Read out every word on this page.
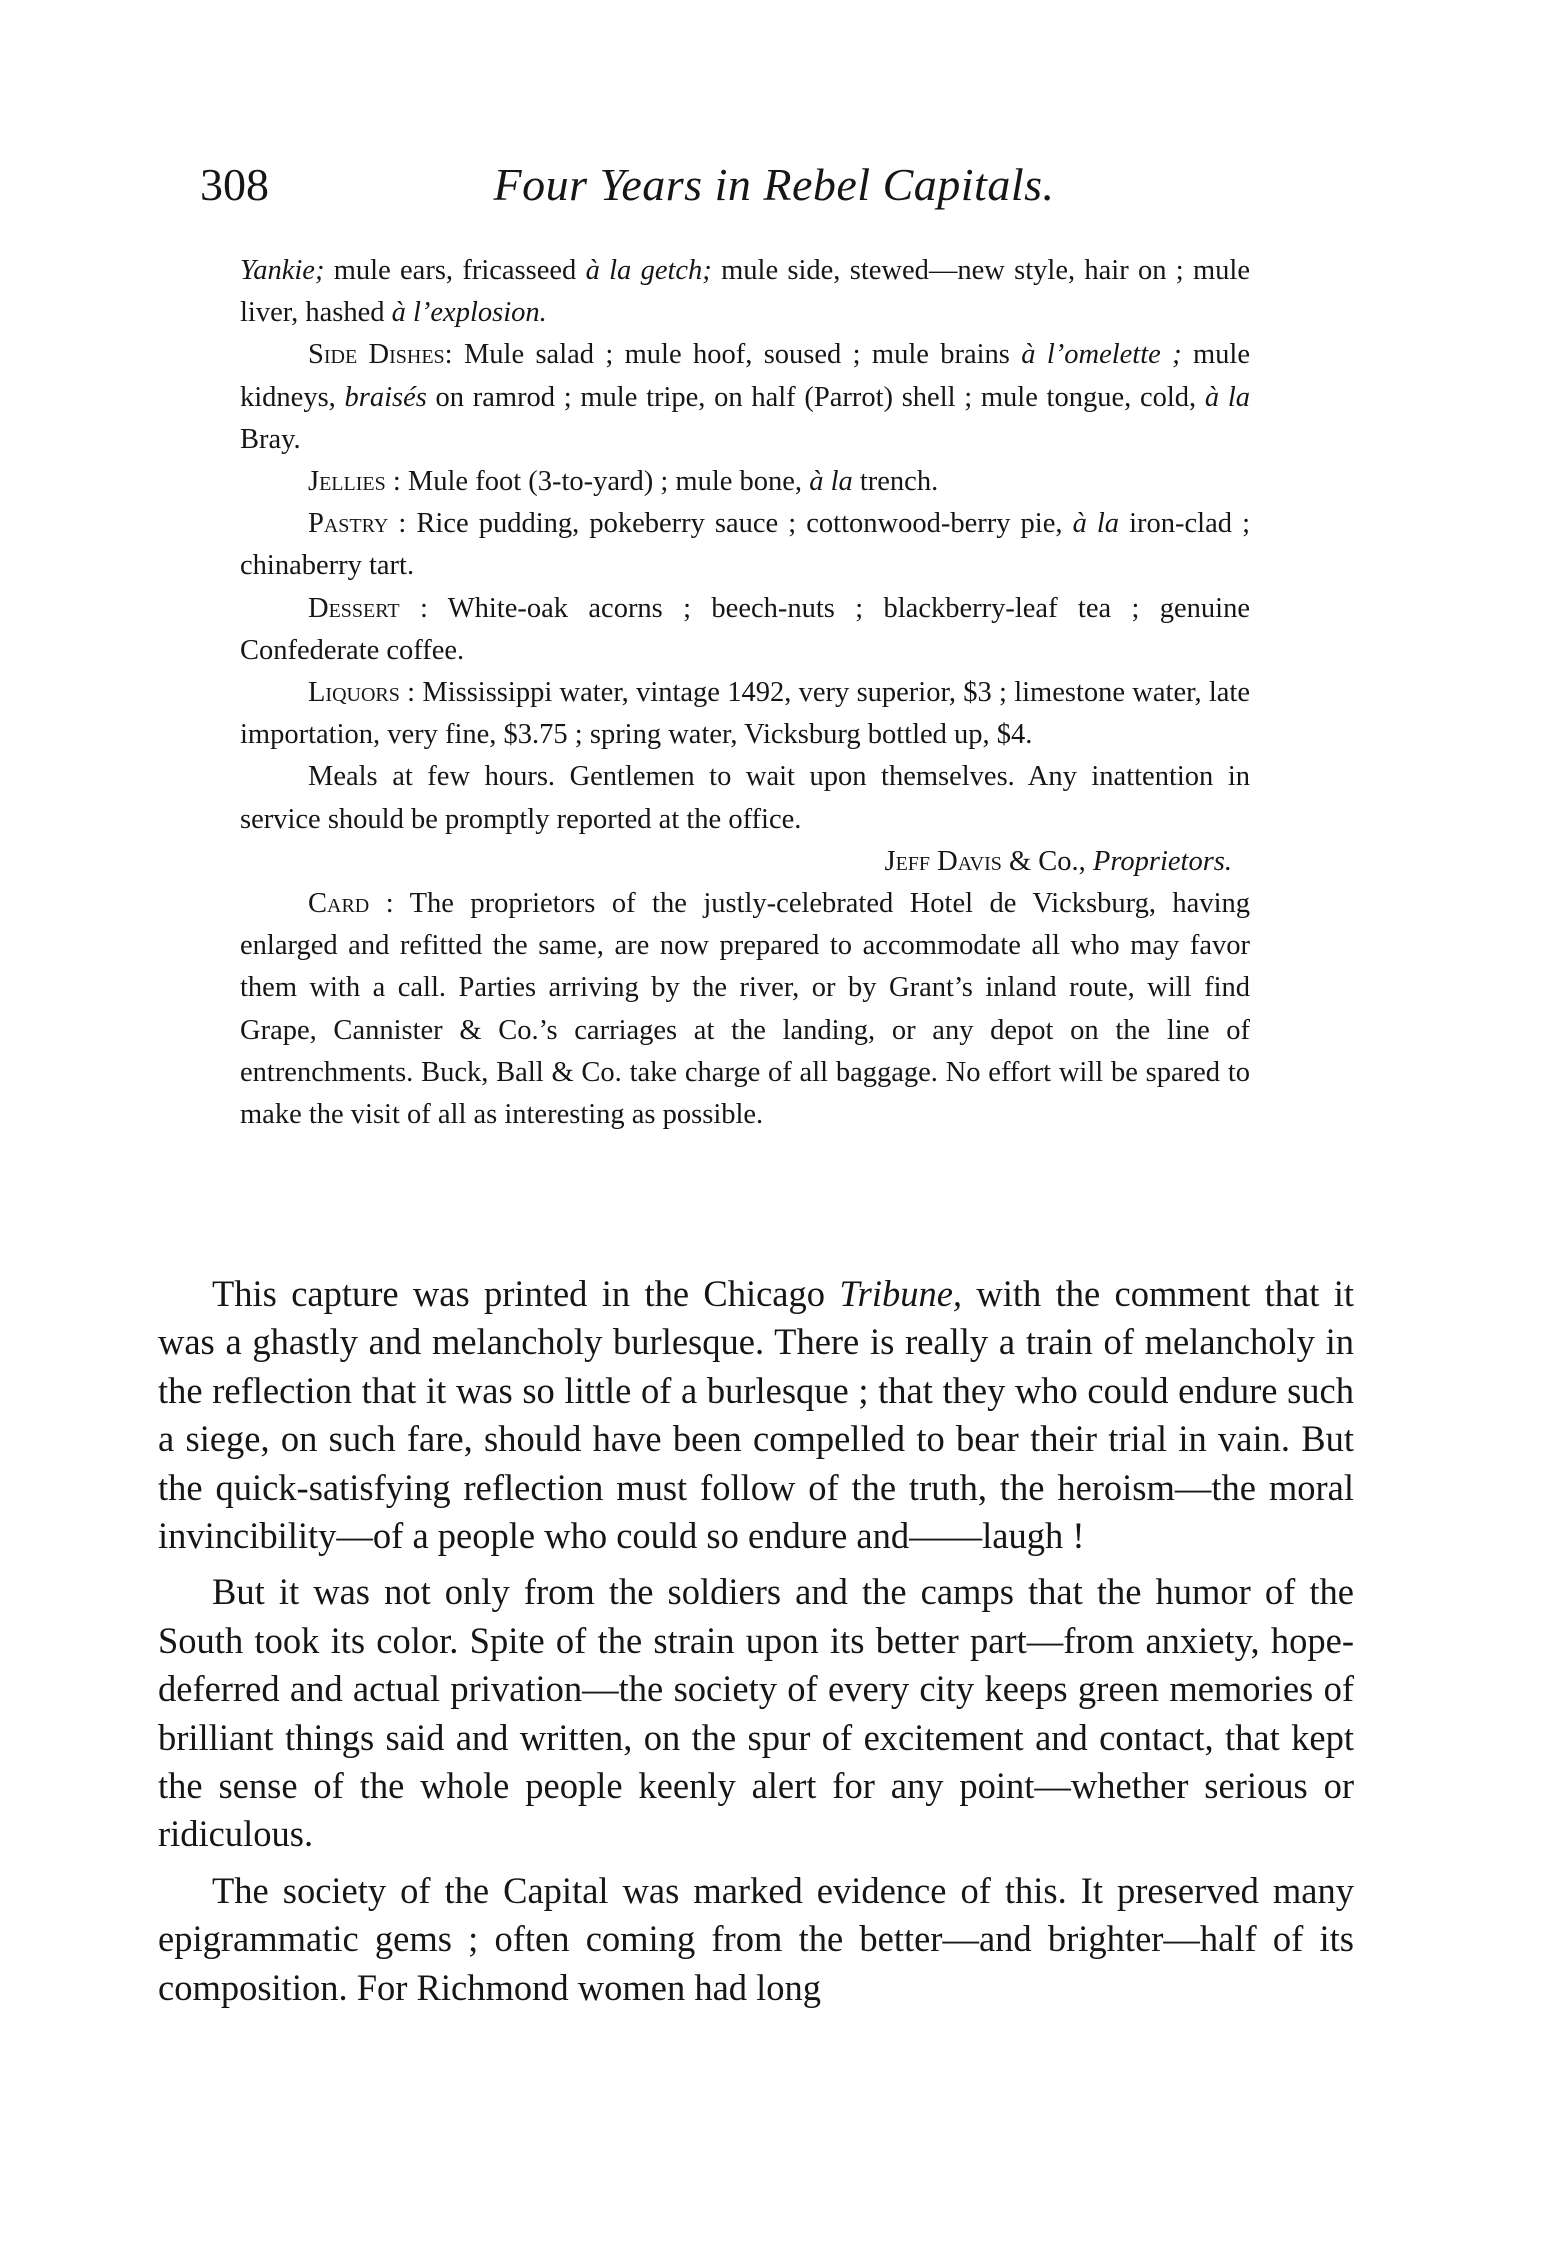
308	Four Years in Rebel Capitals.

Yankie; mule ears, fricasseed à la getch; mule side, stewed—new style, hair on ; mule liver, hashed à l’explosion.

Side Dishes: Mule salad ; mule hoof, soused ; mule brains à l’omelette ; mule kidneys, braisés on ramrod ; mule tripe, on half (Parrot) shell ; mule tongue, cold, à la Bray.

Jellies : Mule foot (3-to-yard) ; mule bone, à la trench.

Pastry : Rice pudding, pokeberry sauce ; cottonwood-berry pie, à la iron-clad ; chinaberry tart.

Dessert : White-oak acorns ; beech-nuts ; blackberry-leaf tea ; genuine Confederate coffee.

Liquors : Mississippi water, vintage 1492, very superior, $3 ; limestone water, late importation, very fine, $3.75 ; spring water, Vicksburg bottled up, $4.

Meals at few hours. Gentlemen to wait upon themselves. Any inattention in service should be promptly reported at the office.

Jeff Davis & Co., Proprietors.

Card : The proprietors of the justly-celebrated Hotel de Vicksburg, having enlarged and refitted the same, are now prepared to accommodate all who may favor them with a call. Parties arriving by the river, or by Grant’s inland route, will find Grape, Cannister & Co.’s carriages at the landing, or any depot on the line of entrenchments. Buck, Ball & Co. take charge of all baggage. No effort will be spared to make the visit of all as interesting as possible.

This capture was printed in the Chicago Tribune, with the comment that it was a ghastly and melancholy burlesque. There is really a train of melancholy in the reflection that it was so little of a burlesque ; that they who could endure such a siege, on such fare, should have been compelled to bear their trial in vain. But the quick-satisfying reflection must follow of the truth, the heroism—the moral invincibility—of a people who could so endure and——laugh !

But it was not only from the soldiers and the camps that the humor of the South took its color. Spite of the strain upon its better part—from anxiety, hope-deferred and actual privation—the society of every city keeps green memories of brilliant things said and written, on the spur of excitement and contact, that kept the sense of the whole people keenly alert for any point—whether serious or ridiculous.

The society of the Capital was marked evidence of this. It preserved many epigrammatic gems ; often coming from the better—and brighter—half of its composition. For Richmond women had long
